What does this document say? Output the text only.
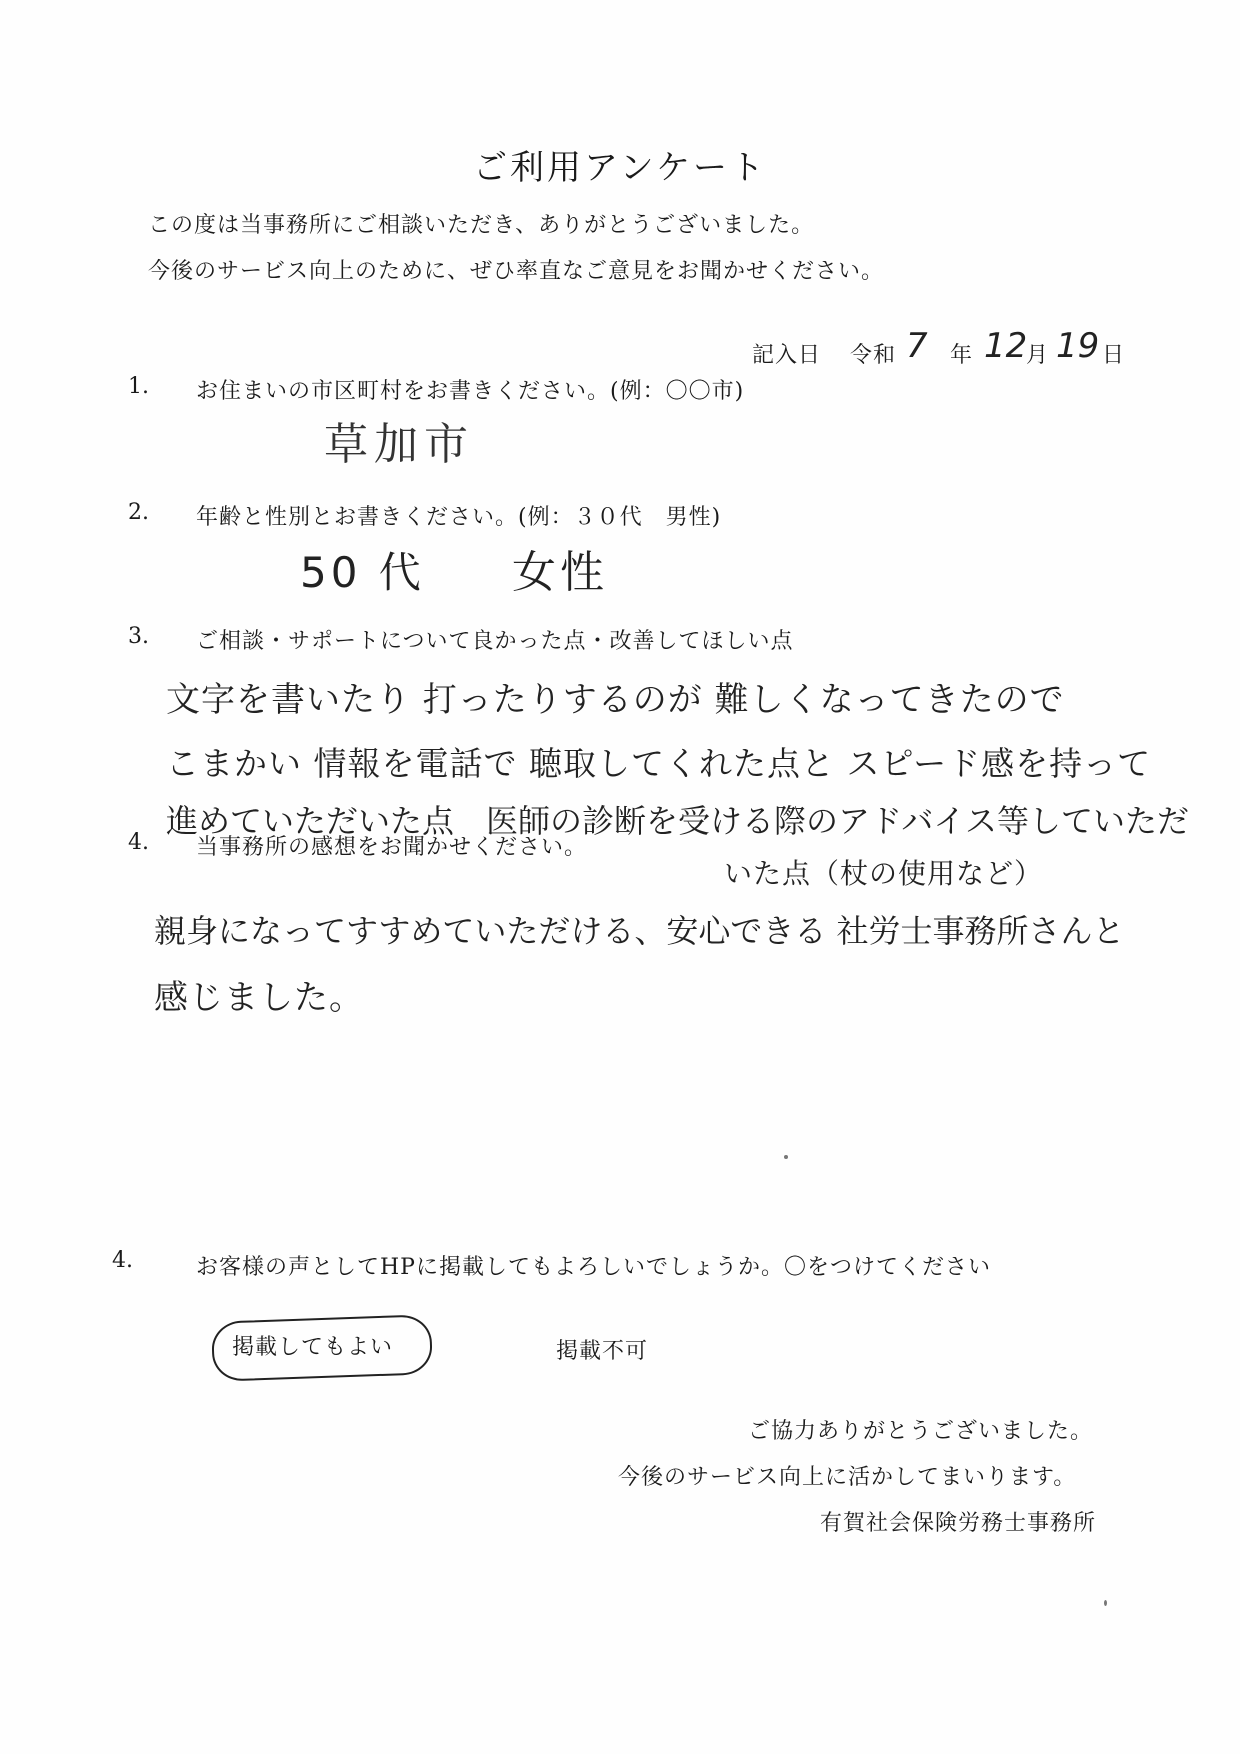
ご利用アンケート
この度は当事務所にご相談いただき、ありがとうございました。
今後のサービス向上のために、ぜひ率直なご意見をお聞かせください。
記入日 令和 7 年 12
月 19 日
1. お住まいの市区町村をお書きください。(例：〇〇市)
草加市
2. 年齢と性別とお書きください。(例：３０代　男性)
50 代 女性
3. ご相談・サポートについて良かった点・改善してほしい点
文字を書いたり 打ったりするのが 難しくなってきたので
こまかい 情報を電話で 聴取してくれた点と スピード感を持って
進めていただいた点　医師の診断を受ける際のアドバイス等していただ
いた点（杖の使用など）
4. 当事務所の感想をお聞かせください。
親身になってすすめていただける、安心できる 社労士事務所さんと
感じました。
4.	お客様の声としてHPに掲載してもよろしいでしょうか。〇をつけてください
掲載してもよい	掲載不可
ご協力ありがとうございました。
今後のサービス向上に活かしてまいります。
有賀社会保険労務士事務所
